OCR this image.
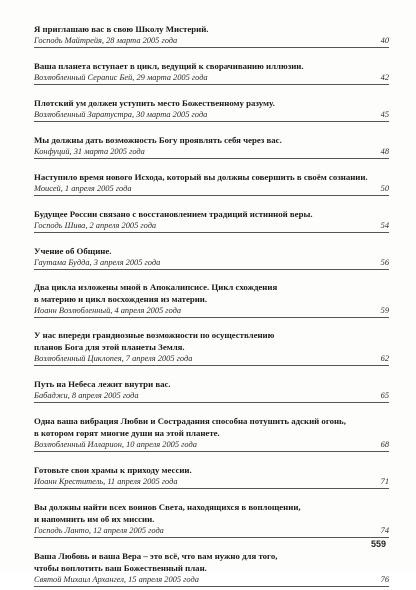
Я приглашаю вас в свою Школу Мистерий.
Господь Майтрейя, 28 марта 2005 года	40
Ваша планета вступает в цикл, ведущий к сворачиванию иллюзии.
Возлюбленный Серапис Бей, 29 марта 2005 года	42
Плотский ум должен уступить место Божественному разуму.
Возлюбленный Заратустра, 30 марта 2005 года	45
Мы должны дать возможность Богу проявлять себя через вас.
Конфуций, 31 марта 2005 года	48
Наступило время нового Исхода, который вы должны совершить в своём сознании.
Моисей, 1 апреля 2005 года	50
Будущее России связано с восстановлением традиций истинной веры.
Господь Шива, 2 апреля 2005 года	54
Учение об Общине.
Гаутама Будда, 3 апреля 2005 года	56
Два цикла изложены мной в Апокалипсисе. Цикл схождения
в материю и цикл восхождения из материи.
Иоанн Возлюбленный, 4 апреля 2005 года	59
У нас впереди грандиозные возможности по осуществлению
планов Бога для этой планеты Земля.
Возлюбленный Циклопея, 7 апреля 2005 года	62
Путь на Небеса лежит внутри вас.
Бабаджи, 8 апреля 2005 года	65
Одна ваша вибрация Любви и Сострадания способна потушить адский огонь,
в котором горят многие души на этой планете.
Возлюбленный Илларион, 10 апреля 2005 года	68
Готовьте свои храмы к приходу мессии.
Иоанн Креститель, 11 апреля 2005 года	71
Вы должны найти всех воинов Света, находящихся в воплощении,
и напомнить им об их миссии.
Господь Ланто, 12 апреля 2005 года	74
Ваша Любовь и ваша Вера – это всё, что вам нужно для того,
чтобы воплотить ваш Божественный план.
Святой Михаил Архангел, 15 апреля 2005 года	76
559
